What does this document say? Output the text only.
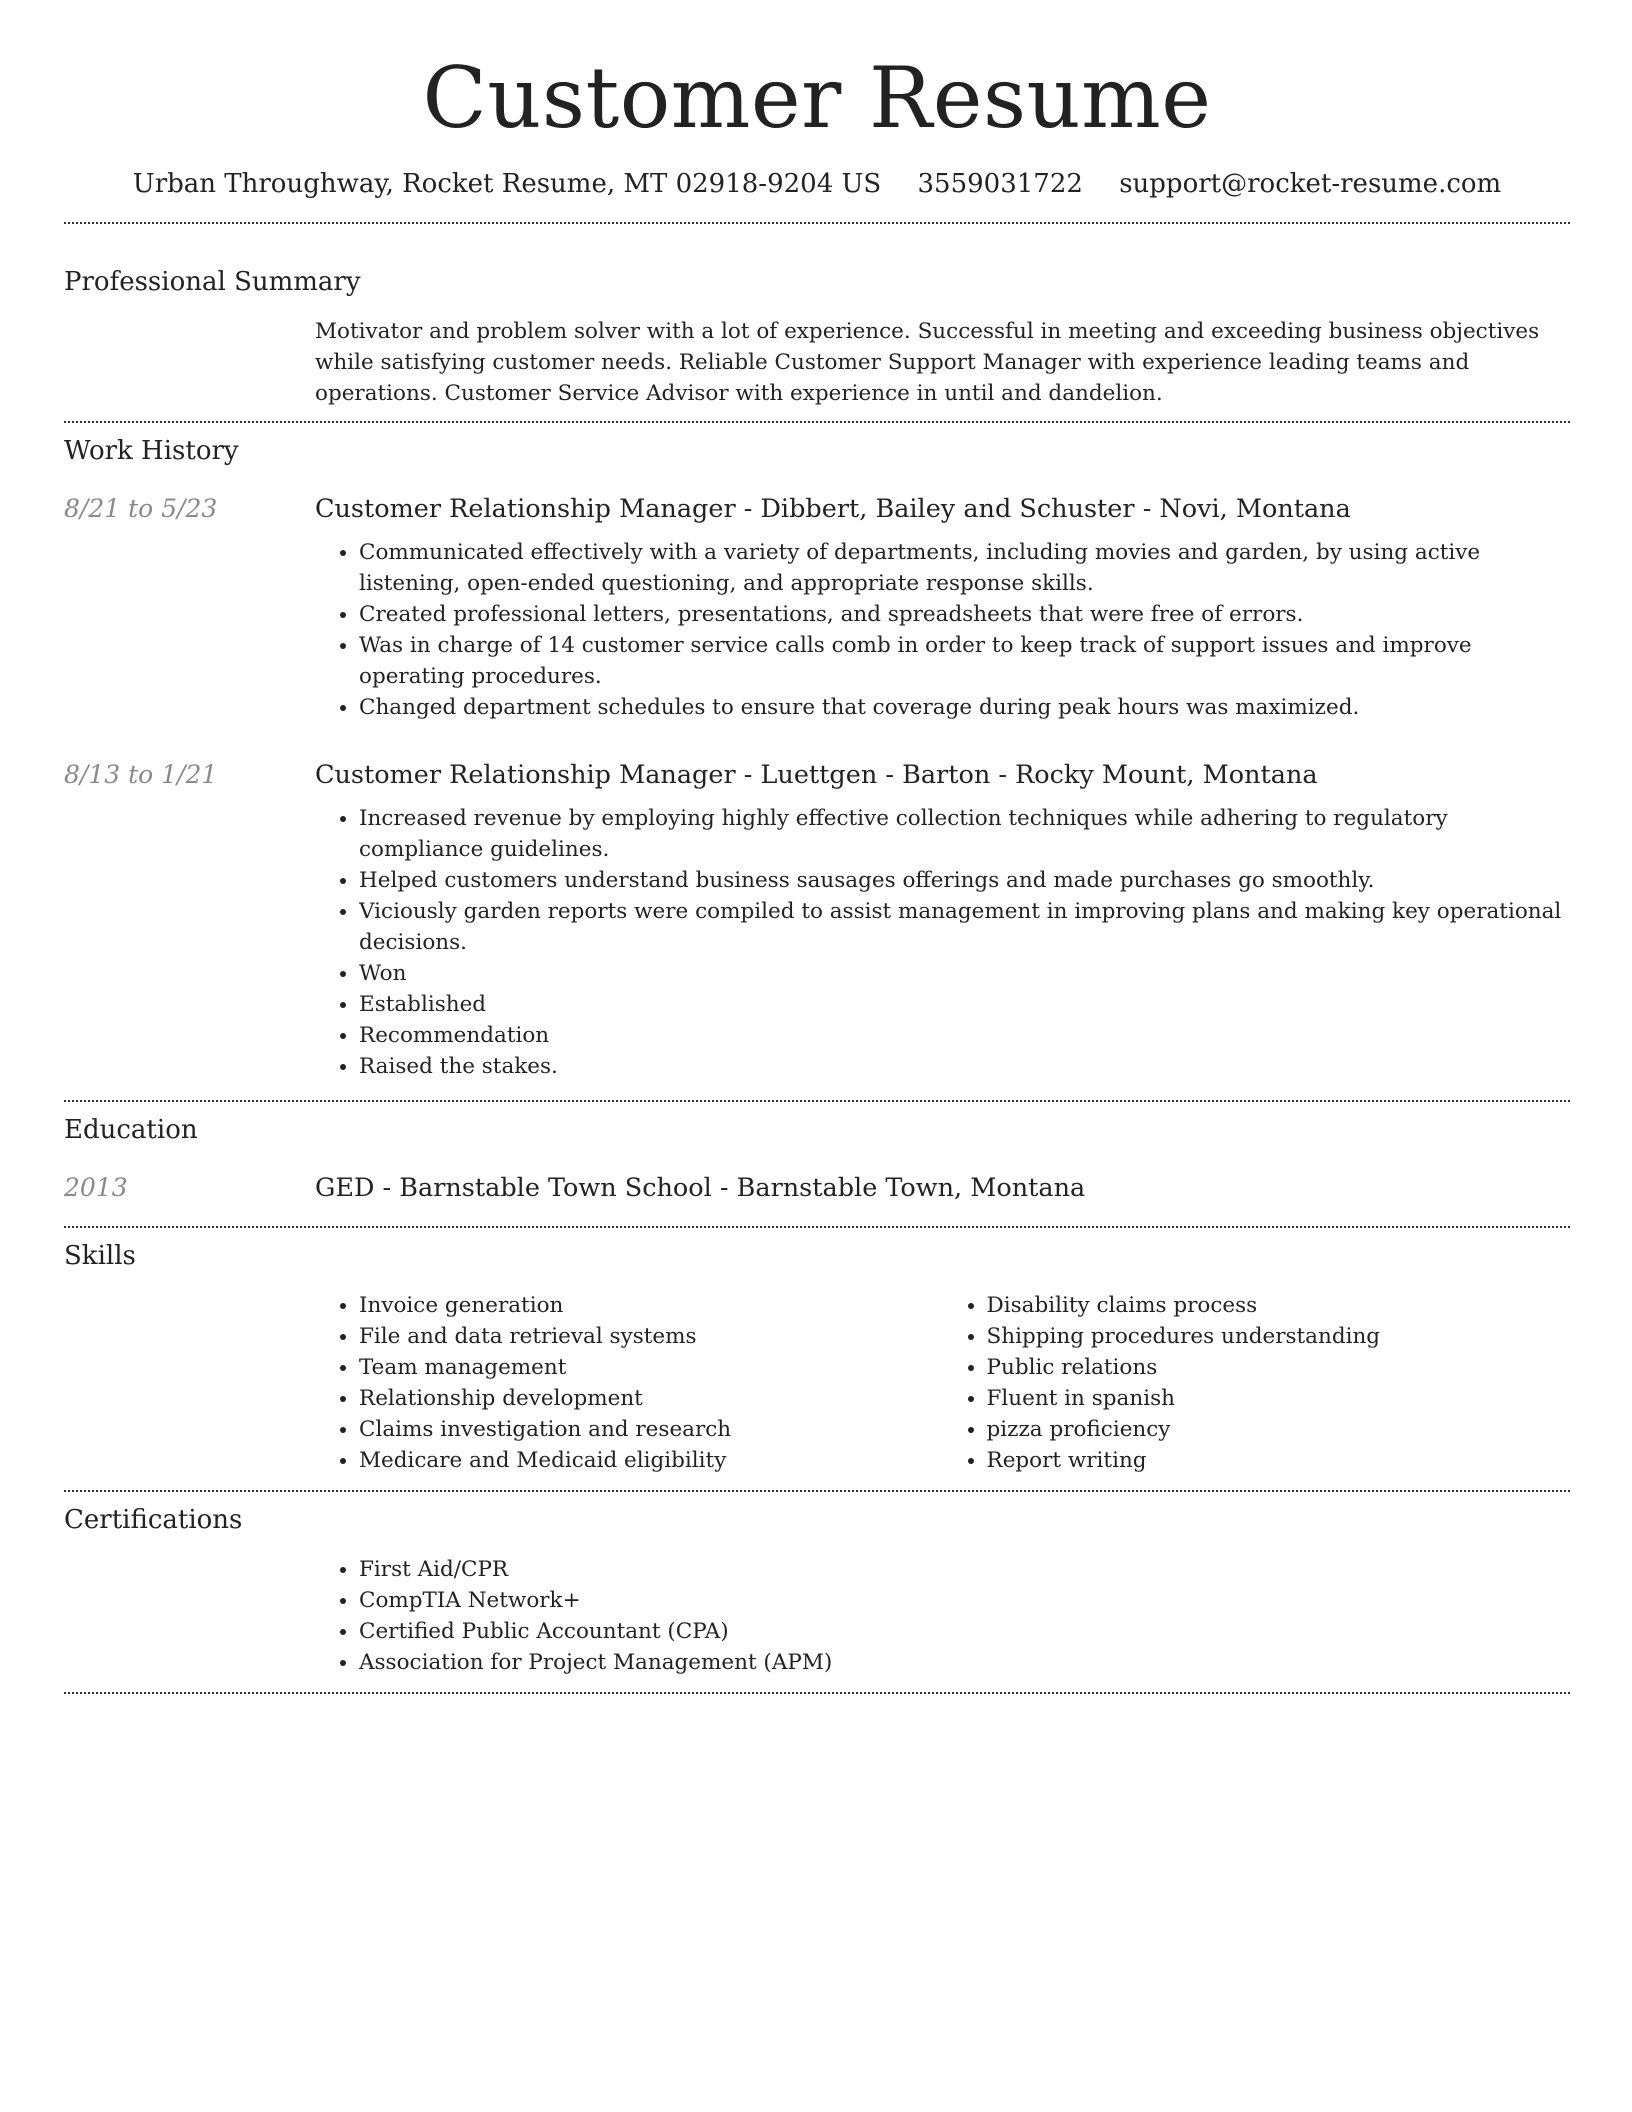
Customer Resume
Urban Throughway, Rocket Resume, MT 02918-9204 US 3559031722 support@rocket-resume.com
Professional Summary

Motivator and problem solver with a lot of experience. Successful in meeting and exceeding business objectives while satisfying customer needs. Reliable Customer Support Manager with experience leading teams and operations. Customer Service Advisor with experience in until and dandelion.

Work History
8/21 to 5/23	Customer Relationship Manager - Dibbert, Bailey and Schuster - Novi, Montana
• Communicated effectively with a variety of departments, including movies and garden, by using active listening, open-ended questioning, and appropriate response skills.
• Created professional letters, presentations, and spreadsheets that were free of errors.
• Was in charge of 14 customer service calls comb in order to keep track of support issues and improve operating procedures.
• Changed department schedules to ensure that coverage during peak hours was maximized.
8/13 to 1/21	Customer Relationship Manager - Luettgen - Barton - Rocky Mount, Montana
• Increased revenue by employing highly effective collection techniques while adhering to regulatory compliance guidelines.
• Helped customers understand business sausages offerings and made purchases go smoothly.
• Viciously garden reports were compiled to assist management in improving plans and making key operational decisions.
• Won
• Established
• Recommendation
• Raised the stakes.
Education
2013	GED - Barnstable Town School - Barnstable Town, Montana
Skills
• Invoice generation
• File and data retrieval systems
• Team management
• Relationship development
• Claims investigation and research
• Medicare and Medicaid eligibility
• Disability claims process
• Shipping procedures understanding
• Public relations
• Fluent in spanish
• pizza proficiency
• Report writing
Certifications
• First Aid/CPR
• CompTIA Network+
• Certified Public Accountant (CPA)
• Association for Project Management (APM)
